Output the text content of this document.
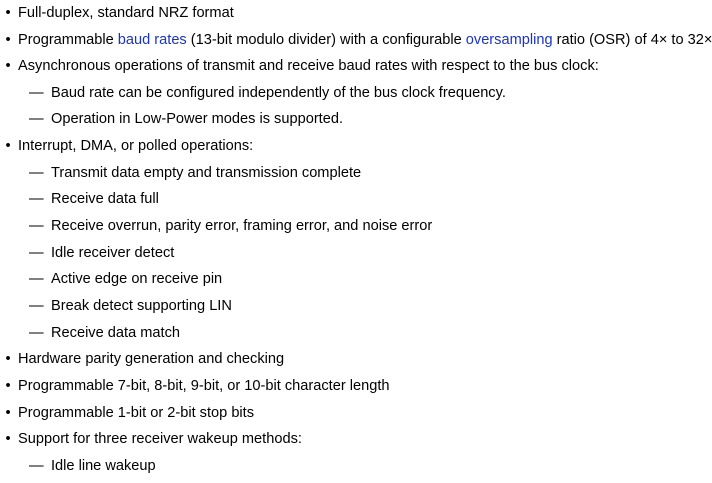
• Full-duplex, standard NRZ format
• Programmable baud rates (13-bit modulo divider) with a configurable oversampling ratio (OSR) of 4× to 32×
• Asynchronous operations of transmit and receive baud rates with respect to the bus clock:
— Baud rate can be configured independently of the bus clock frequency.
— Operation in Low-Power modes is supported.
• Interrupt, DMA, or polled operations:
— Transmit data empty and transmission complete
— Receive data full
— Receive overrun, parity error, framing error, and noise error
— Idle receiver detect
— Active edge on receive pin
— Break detect supporting LIN
— Receive data match
• Hardware parity generation and checking
• Programmable 7-bit, 8-bit, 9-bit, or 10-bit character length
• Programmable 1-bit or 2-bit stop bits
• Support for three receiver wakeup methods:
— Idle line wakeup
